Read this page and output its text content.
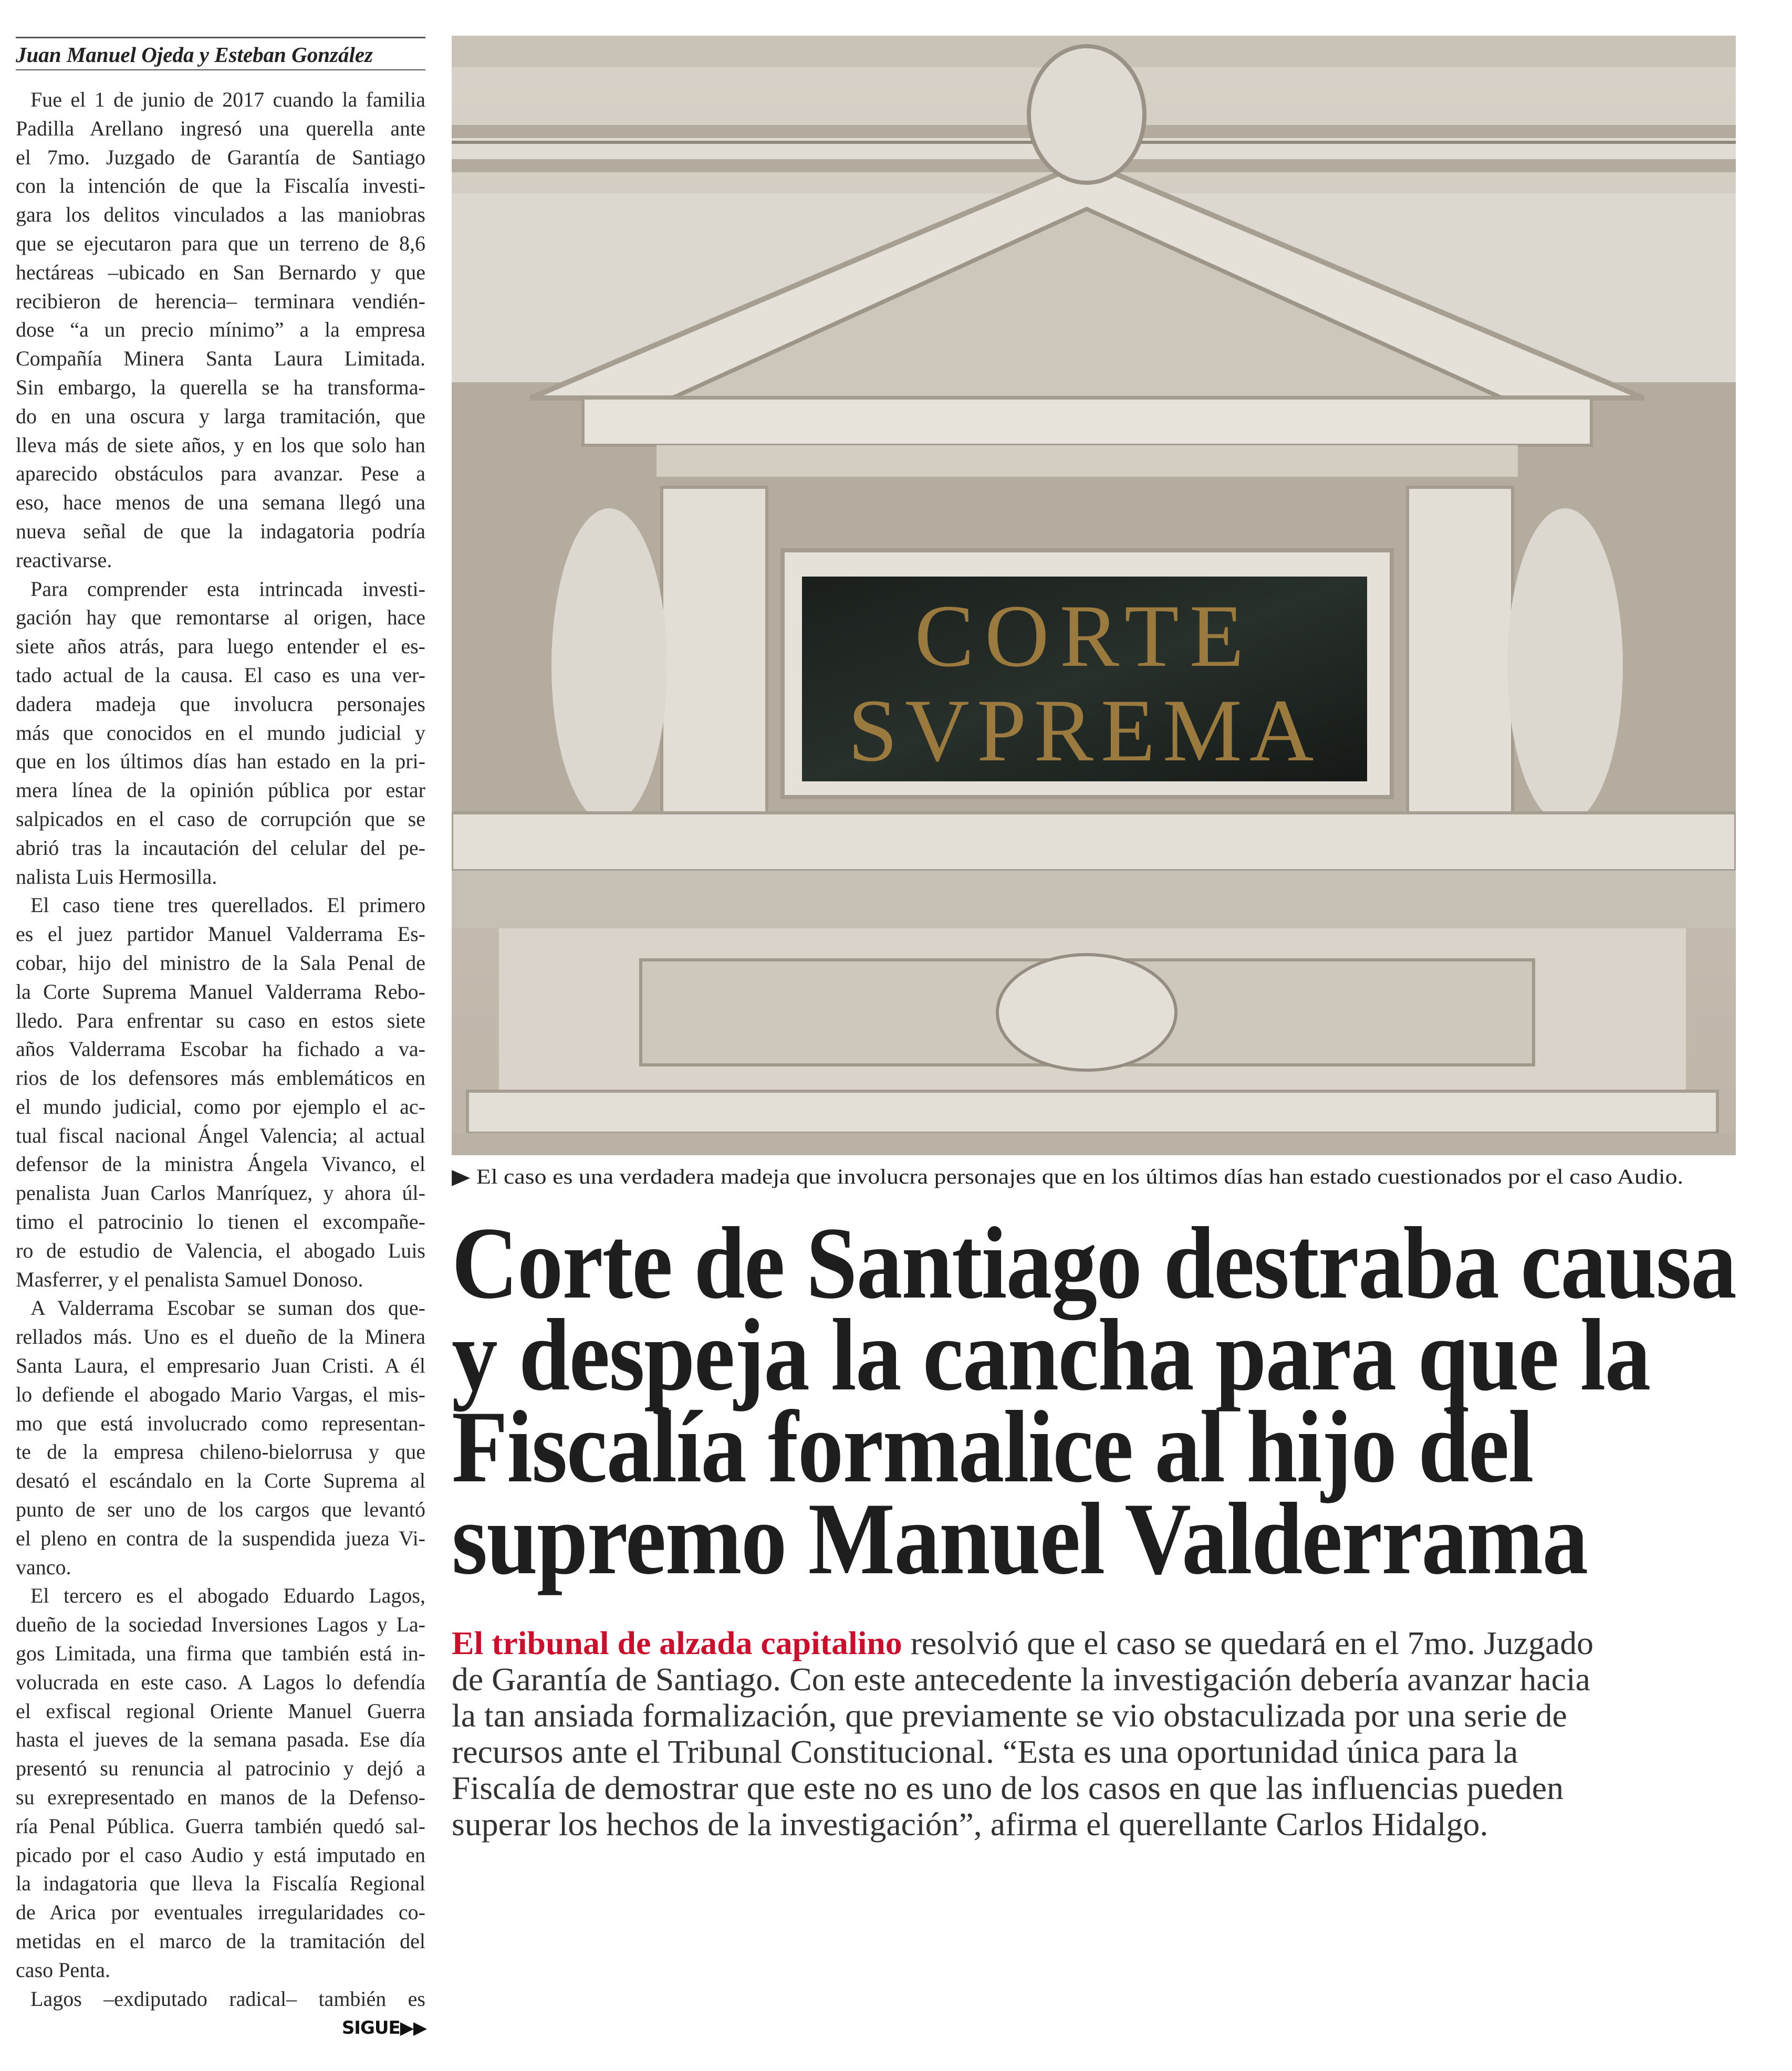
Juan Manuel Ojeda y Esteban González
Fue el 1 de junio de 2017 cuando la familia
Padilla Arellano ingresó una querella ante
el 7mo. Juzgado de Garantía de Santiago
con la intención de que la Fiscalía investi-
gara los delitos vinculados a las maniobras
que se ejecutaron para que un terreno de 8,6
hectáreas –ubicado en San Bernardo y que
recibieron de herencia– terminara vendién-
dose “a un precio mínimo” a la empresa
Compañía Minera Santa Laura Limitada.
Sin embargo, la querella se ha transforma-
do en una oscura y larga tramitación, que
lleva más de siete años, y en los que solo han
aparecido obstáculos para avanzar. Pese a
eso, hace menos de una semana llegó una
nueva señal de que la indagatoria podría
reactivarse.
Para comprender esta intrincada investi-
gación hay que remontarse al origen, hace
siete años atrás, para luego entender el es-
tado actual de la causa. El caso es una ver-
dadera madeja que involucra personajes
más que conocidos en el mundo judicial y
que en los últimos días han estado en la pri-
mera línea de la opinión pública por estar
salpicados en el caso de corrupción que se
abrió tras la incautación del celular del pe-
nalista Luis Hermosilla.
El caso tiene tres querellados. El primero
es el juez partidor Manuel Valderrama Es-
cobar, hijo del ministro de la Sala Penal de
la Corte Suprema Manuel Valderrama Rebo-
lledo. Para enfrentar su caso en estos siete
años Valderrama Escobar ha fichado a va-
rios de los defensores más emblemáticos en
el mundo judicial, como por ejemplo el ac-
tual fiscal nacional Ángel Valencia; al actual
defensor de la ministra Ángela Vivanco, el
penalista Juan Carlos Manríquez, y ahora úl-
timo el patrocinio lo tienen el excompañe-
ro de estudio de Valencia, el abogado Luis
Masferrer, y el penalista Samuel Donoso.
A Valderrama Escobar se suman dos que-
rellados más. Uno es el dueño de la Minera
Santa Laura, el empresario Juan Cristi. A él
lo defiende el abogado Mario Vargas, el mis-
mo que está involucrado como representan-
te de la empresa chileno-bielorrusa y que
desató el escándalo en la Corte Suprema al
punto de ser uno de los cargos que levantó
el pleno en contra de la suspendida jueza Vi-
vanco.
El tercero es el abogado Eduardo Lagos,
dueño de la sociedad Inversiones Lagos y La-
gos Limitada, una firma que también está in-
volucrada en este caso. A Lagos lo defendía
el exfiscal regional Oriente Manuel Guerra
hasta el jueves de la semana pasada. Ese día
presentó su renuncia al patrocinio y dejó a
su exrepresentado en manos de la Defenso-
ría Penal Pública. Guerra también quedó sal-
picado por el caso Audio y está imputado en
la indagatoria que lleva la Fiscalía Regional
de Arica por eventuales irregularidades co-
metidas en el marco de la tramitación del
caso Penta.
Lagos –exdiputado radical– también es
SIGUE▶▶
CORTE
SVPREMA
▶ El caso es una verdadera madeja que involucra personajes que en los últimos días han estado cuestionados por el caso Audio.
Corte de Santiago destraba causa
y despeja la cancha para que la
Fiscalía formalice al hijo del
supremo Manuel Valderrama
El tribunal de alzada capitalino resolvió que el caso se quedará en el 7mo. Juzgado
de Garantía de Santiago. Con este antecedente la investigación debería avanzar hacia
la tan ansiada formalización, que previamente se vio obstaculizada por una serie de
recursos ante el Tribunal Constitucional. “Esta es una oportunidad única para la
Fiscalía de demostrar que este no es uno de los casos en que las influencias pueden
superar los hechos de la investigación”, afirma el querellante Carlos Hidalgo.
